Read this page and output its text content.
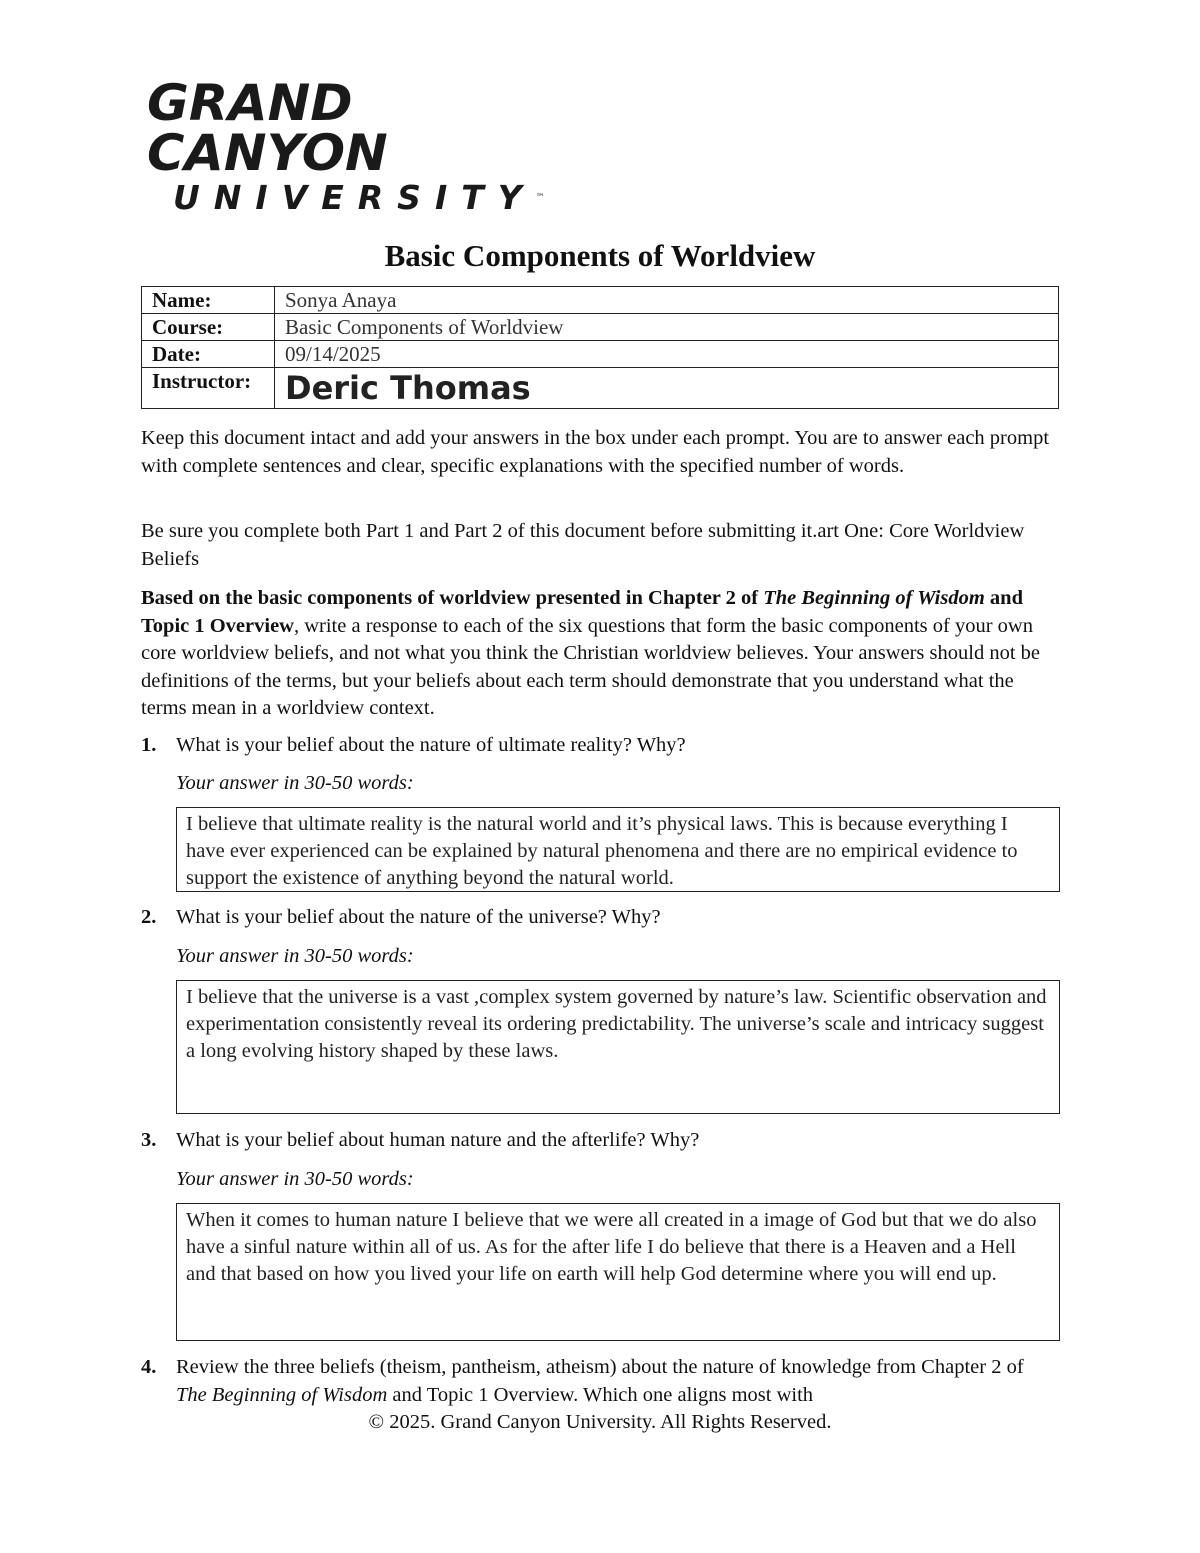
GRAND CANYON
UNIVERSITY™
Basic Components of Worldview
Name:	Sonya Anaya
Course:	Basic Components of Worldview
Date:	09/14/2025
Instructor:	Deric Thomas
Keep this document intact and add your answers in the box under each prompt. You are to answer each prompt with complete sentences and clear, specific explanations with the specified number of words.
Be sure you complete both Part 1 and Part 2 of this document before submitting it.art One: Core Worldview Beliefs
Based on the basic components of worldview presented in Chapter 2 of The Beginning of Wisdom and Topic 1 Overview, write a response to each of the six questions that form the basic components of your own core worldview beliefs, and not what you think the Christian worldview believes. Your answers should not be definitions of the terms, but your beliefs about each term should demonstrate that you understand what the terms mean in a worldview context.
1. What is your belief about the nature of ultimate reality? Why?
Your answer in 30-50 words:
I believe that ultimate reality is the natural world and it’s physical laws. This is because everything I have ever experienced can be explained by natural phenomena and there are no empirical evidence to support the existence of anything beyond the natural world.
2. What is your belief about the nature of the universe? Why?
Your answer in 30-50 words:
I believe that the universe is a vast ,complex system governed by nature’s law. Scientific observation and experimentation consistently reveal its ordering predictability. The universe’s scale and intricacy suggest a long evolving history shaped by these laws.
3. What is your belief about human nature and the afterlife? Why?
Your answer in 30-50 words:
When it comes to human nature I believe that we were all created in a image of God but that we do also have a sinful nature within all of us. As for the after life I do believe that there is a Heaven and a Hell and that based on how you lived your life on earth will help God determine where you will end up.
4. Review the three beliefs (theism, pantheism, atheism) about the nature of knowledge from Chapter 2 of The Beginning of Wisdom and Topic 1 Overview. Which one aligns most with
© 2025. Grand Canyon University. All Rights Reserved.
